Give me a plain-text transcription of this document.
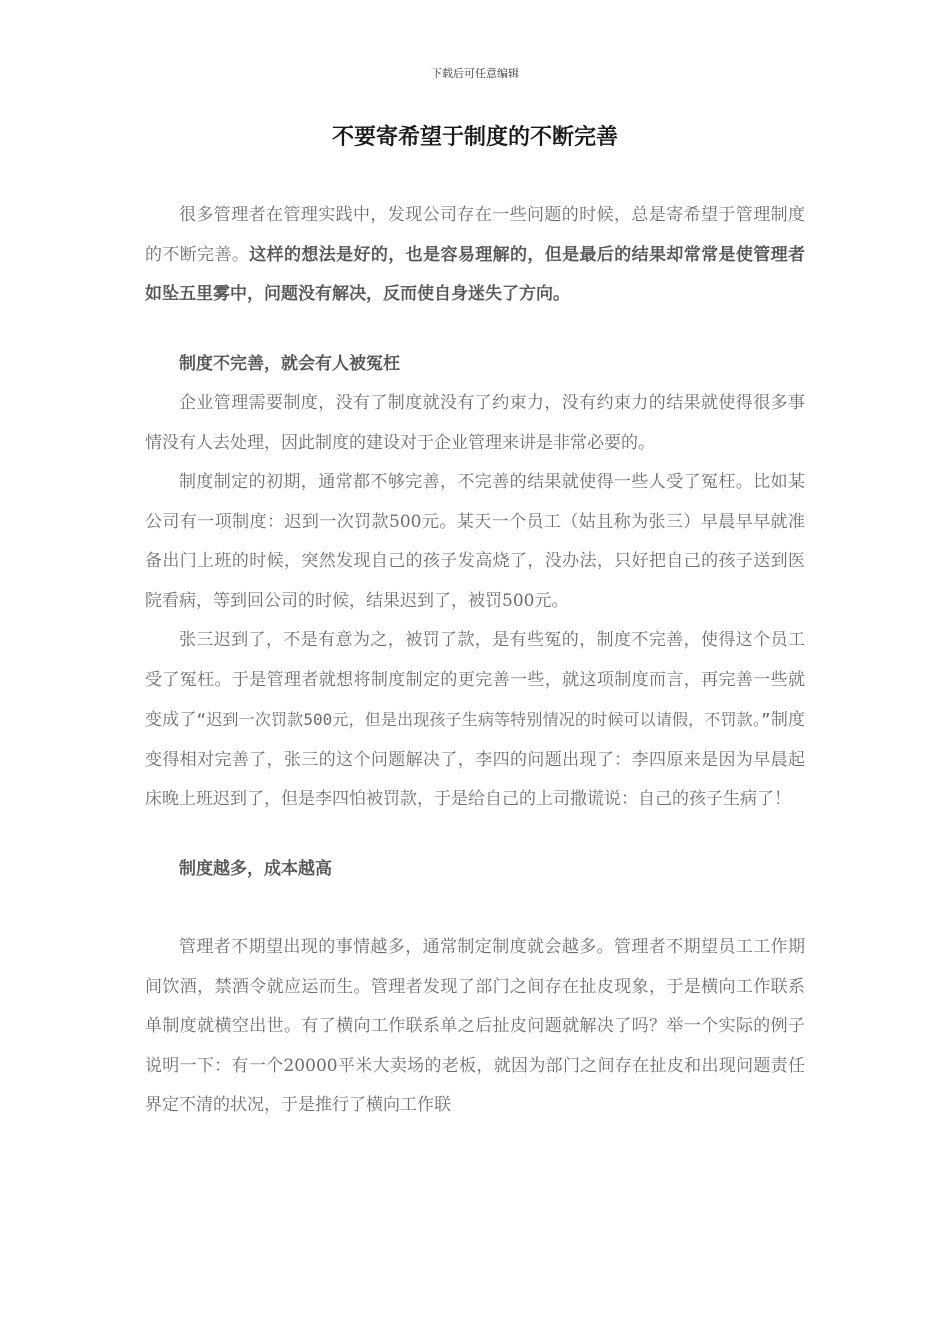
下载后可任意编辑
不要寄希望于制度的不断完善

很多管理者在管理实践中，发现公司存在一些问题的时候，总是寄希望于管理制度的不断完善。这样的想法是好的，也是容易理解的，但是最后的结果却常常是使管理者如坠五里雾中，问题没有解决，反而使自身迷失了方向。

制度不完善，就会有人被冤枉

企业管理需要制度，没有了制度就没有了约束力，没有约束力的结果就使得很多事情没有人去处理，因此制度的建设对于企业管理来讲是非常必要的。

制度制定的初期，通常都不够完善，不完善的结果就使得一些人受了冤枉。比如某公司有一项制度：迟到一次罚款500元。某天一个员工（姑且称为张三）早晨早早就准备出门上班的时候，突然发现自己的孩子发高烧了，没办法，只好把自己的孩子送到医院看病，等到回公司的时候，结果迟到了，被罚500元。

张三迟到了，不是有意为之，被罚了款，是有些冤的，制度不完善，使得这个员工受了冤枉。于是管理者就想将制度制定的更完善一些，就这项制度而言，再完善一些就变成了“迟到一次罚款500元，但是出现孩子生病等特别情况的时候可以请假，不罚款。”制度变得相对完善了，张三的这个问题解决了，李四的问题出现了：李四原来是因为早晨起床晚上班迟到了，但是李四怕被罚款，于是给自己的上司撒谎说：自己的孩子生病了！

制度越多，成本越高

管理者不期望出现的事情越多，通常制定制度就会越多。管理者不期望员工工作期间饮酒，禁酒令就应运而生。管理者发现了部门之间存在扯皮现象，于是横向工作联系单制度就横空出世。有了横向工作联系单之后扯皮问题就解决了吗？举一个实际的例子说明一下：有一个20000平米大卖场的老板，就因为部门之间存在扯皮和出现问题责任界定不清的状况，于是推行了横向工作联
